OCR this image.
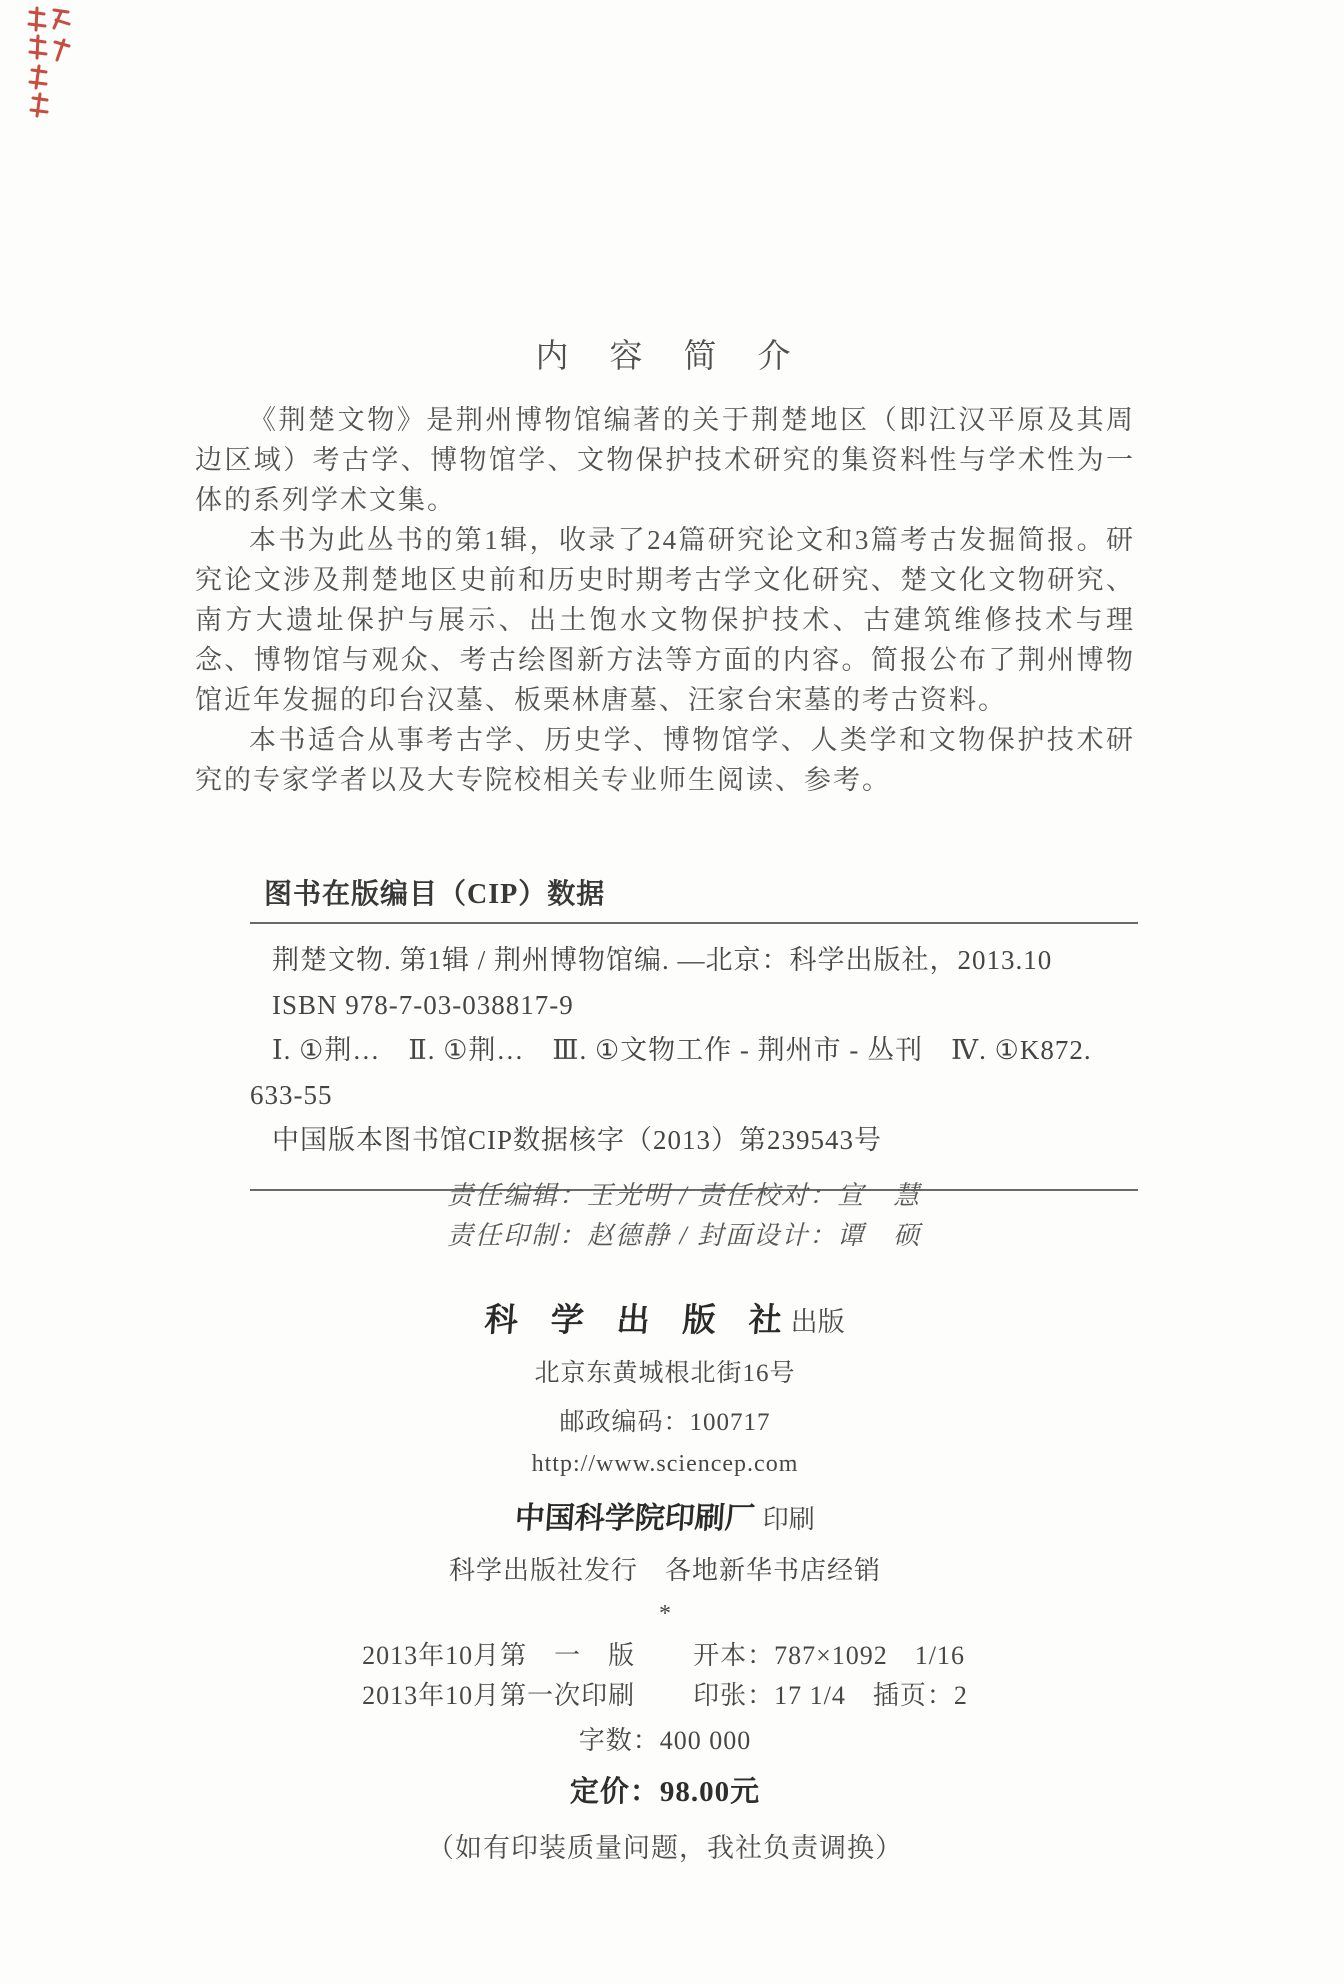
内　容　简　介

《荆楚文物》是荆州博物馆编著的关于荆楚地区（即江汉平原及其周边区域）考古学、博物馆学、文物保护技术研究的集资料性与学术性为一体的系列学术文集。

本书为此丛书的第1辑，收录了24篇研究论文和3篇考古发掘简报。研究论文涉及荆楚地区史前和历史时期考古学文化研究、楚文化文物研究、南方大遗址保护与展示、出土饱水文物保护技术、古建筑维修技术与理念、博物馆与观众、考古绘图新方法等方面的内容。简报公布了荆州博物馆近年发掘的印台汉墓、板栗林唐墓、汪家台宋墓的考古资料。

本书适合从事考古学、历史学、博物馆学、人类学和文物保护技术研究的专家学者以及大专院校相关专业师生阅读、参考。

图书在版编目（CIP）数据
荆楚文物. 第1辑 / 荆州博物馆编. —北京：科学出版社，2013.10
ISBN 978-7-03-038817-9
Ⅰ. ①荆…　Ⅱ. ①荆…　Ⅲ. ①文物工作 - 荆州市 - 丛刊　Ⅳ. ①K872.
633-55
中国版本图书馆CIP数据核字（2013）第239543号
责任编辑：王光明 / 责任校对：宣　慧
责任印制：赵德静 / 封面设计：谭　硕
科　学　出　版　社 出版
北京东黄城根北街16号
邮政编码：100717
http://www.sciencep.com
中国科学院印刷厂 印刷
科学出版社发行　各地新华书店经销
*
2013年10月第　一　版 开本：787×1092　1/16
2013年10月第一次印刷 印张：17 1/4　插页：2
字数：400 000
定价：98.00元
（如有印装质量问题，我社负责调换）
